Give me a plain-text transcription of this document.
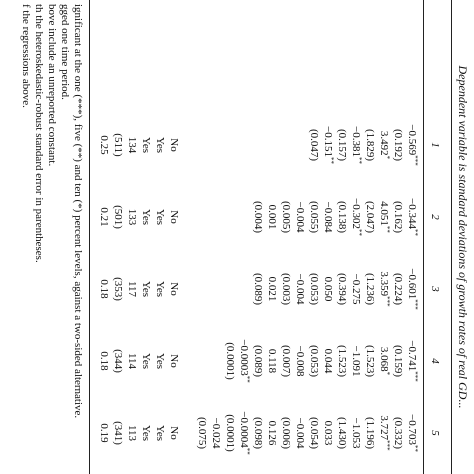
Dependent variable is standard deviations of growth rates of real GD...
1
2
3
4
5
−0.569***
−0.344**
−0.601***
−0.741***
−0.703**
(0.192)
(0.162)
(0.224)
(0.159)
(0.332)
3.492*
4.051**
3.359***
3.068*
3.727***
(1.829)
(2.047)
(1.236)
(1.523)
(1.196)
−0.381**
−0.302**
−0.275
−1.091
−1.053
(0.157)
(0.138)
(0.394)
(1.523)
(1.430)
−0.151**
−0.084
0.050
0.044
0.033
(0.047)
(0.055)
(0.053)
(0.053)
(0.054)
−0.004
−0.004
−0.008
−0.004
(0.005)
(0.003)
(0.007)
(0.006)
0.001
0.021
0.118
0.126
(0.004)
(0.089)
(0.089)
(0.098)
−0.0003**
−0.0004**
(0.0001)
(0.0001)
−0.024
(0.075)
No
No
No
No
No
Yes
Yes
Yes
Yes
Yes
Yes
Yes
Yes
Yes
Yes
134
133
117
114
113
(511)
(501)
(353)
(344)
(341)
0.25
0.21
0.18
0.18
0.19
ignificant at the one (***), five (**) and ten (*) percent levels, against a two-sided alternative.
gged one time period.
bove include an unreported constant.
th the heteroskedastic-robust standard error in parentheses.
f the regressions above.
